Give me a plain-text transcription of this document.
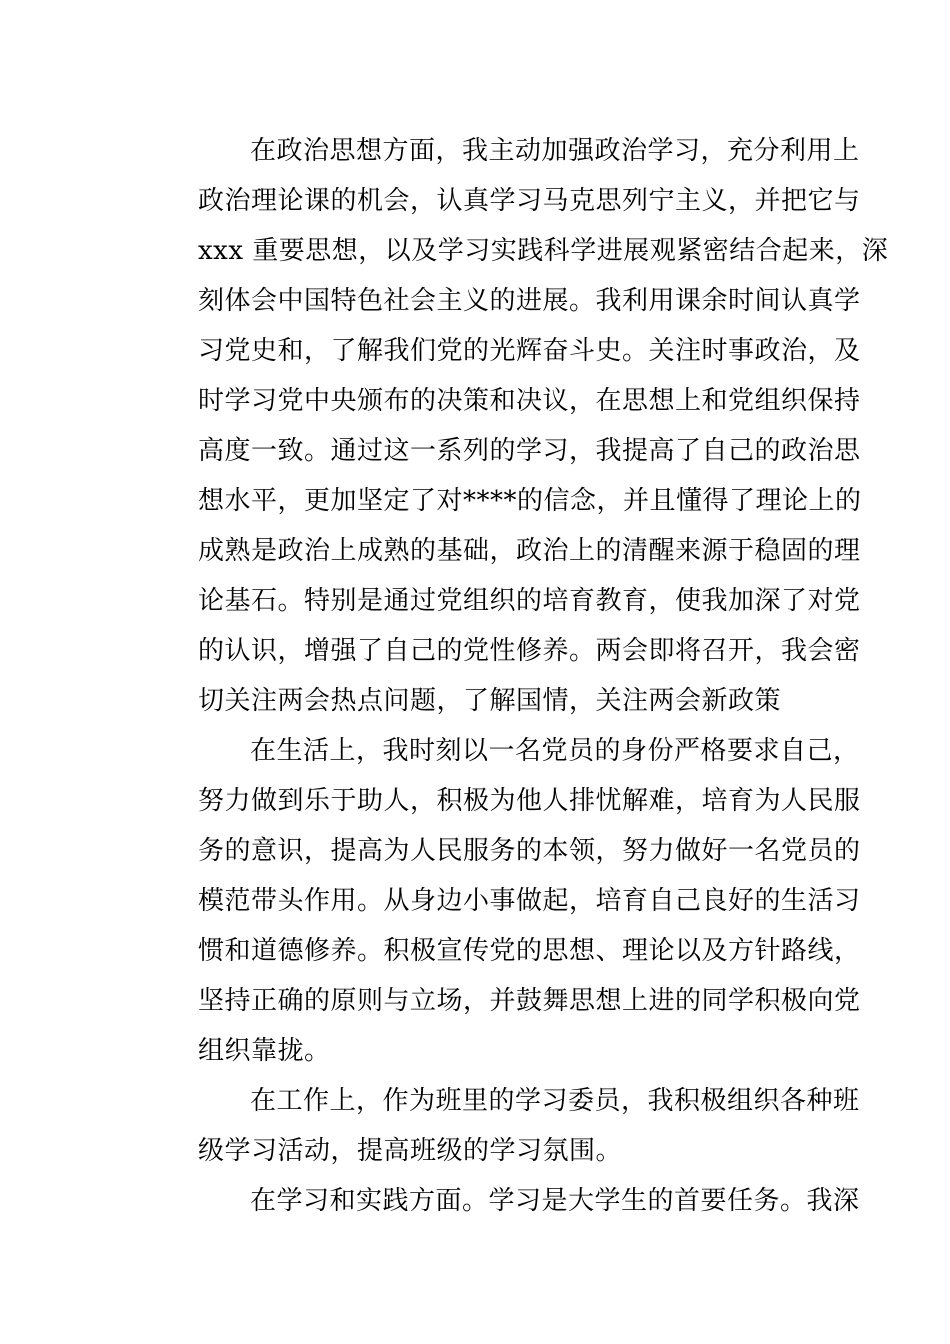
在政治思想方面，我主动加强政治学习，充分利用上
政治理论课的机会，认真学习马克思列宁主义，并把它与
xxx 重要思想，以及学习实践科学进展观紧密结合起来，深
刻体会中国特色社会主义的进展。我利用课余时间认真学
习党史和，了解我们党的光辉奋斗史。关注时事政治，及
时学习党中央颁布的决策和决议，在思想上和党组织保持
高度一致。通过这一系列的学习，我提高了自己的政治思
想水平，更加坚定了对****的信念，并且懂得了理论上的
成熟是政治上成熟的基础，政治上的清醒来源于稳固的理
论基石。特别是通过党组织的培育教育，使我加深了对党
的认识，增强了自己的党性修养。两会即将召开，我会密
切关注两会热点问题，了解国情，关注两会新政策
在生活上，我时刻以一名党员的身份严格要求自己，
努力做到乐于助人，积极为他人排忧解难，培育为人民服
务的意识，提高为人民服务的本领，努力做好一名党员的
模范带头作用。从身边小事做起，培育自己良好的生活习
惯和道德修养。积极宣传党的思想、理论以及方针路线，
坚持正确的原则与立场，并鼓舞思想上进的同学积极向党
组织靠拢。
在工作上，作为班里的学习委员，我积极组织各种班
级学习活动，提高班级的学习氛围。
在学习和实践方面。学习是大学生的首要任务。我深
